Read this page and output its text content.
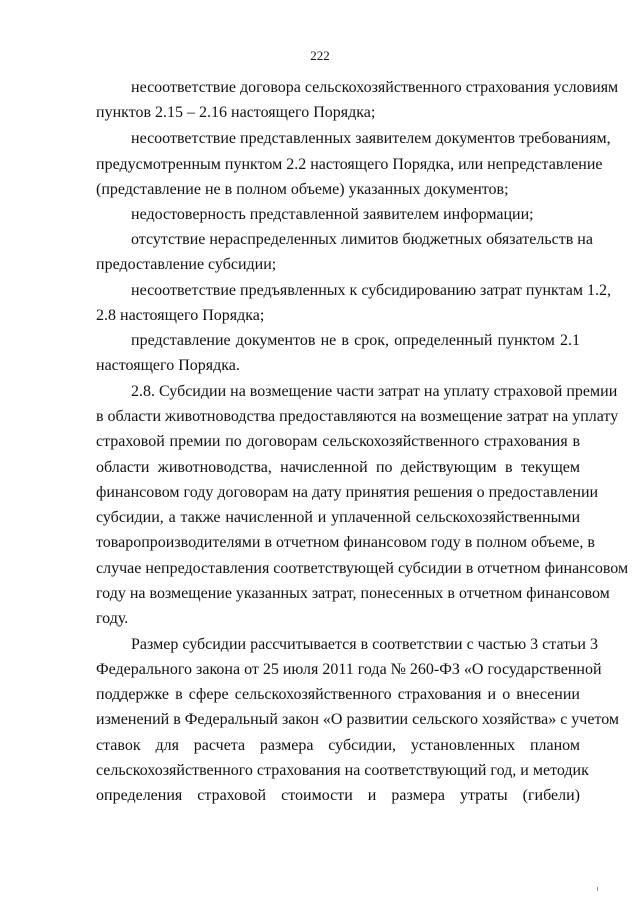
222
несоответствие договора сельскохозяйственного страхования условиям
пунктов 2.15 – 2.16 настоящего Порядка;
несоответствие представленных заявителем документов требованиям,
предусмотренным пунктом 2.2 настоящего Порядка, или непредставление
(представление не в полном объеме) указанных документов;
недостоверность представленной заявителем информации;
отсутствие нераспределенных лимитов бюджетных обязательств на
предоставление субсидии;
несоответствие предъявленных к субсидированию затрат пунктам 1.2,
2.8 настоящего Порядка;
представление документов не в срок, определенный пунктом 2.1
настоящего Порядка.
2.8. Субсидии на возмещение части затрат на уплату страховой премии
в области животноводства предоставляются на возмещение затрат на уплату
страховой премии по договорам сельскохозяйственного страхования в
области животноводства, начисленной по действующим в текущем
финансовом году договорам на дату принятия решения о предоставлении
субсидии, а также начисленной и уплаченной сельскохозяйственными
товаропроизводителями в отчетном финансовом году в полном объеме, в
случае непредоставления соответствующей субсидии в отчетном финансовом
году на возмещение указанных затрат, понесенных в отчетном финансовом
году.
Размер субсидии рассчитывается в соответствии с частью 3 статьи 3
Федерального закона от 25 июля 2011 года № 260-ФЗ «О государственной
поддержке в сфере сельскохозяйственного страхования и о внесении
изменений в Федеральный закон «О развитии сельского хозяйства» с учетом
ставок для расчета размера субсидии, установленных планом
сельскохозяйственного страхования на соответствующий год, и методик
определения страховой стоимости и размера утраты (гибели)
